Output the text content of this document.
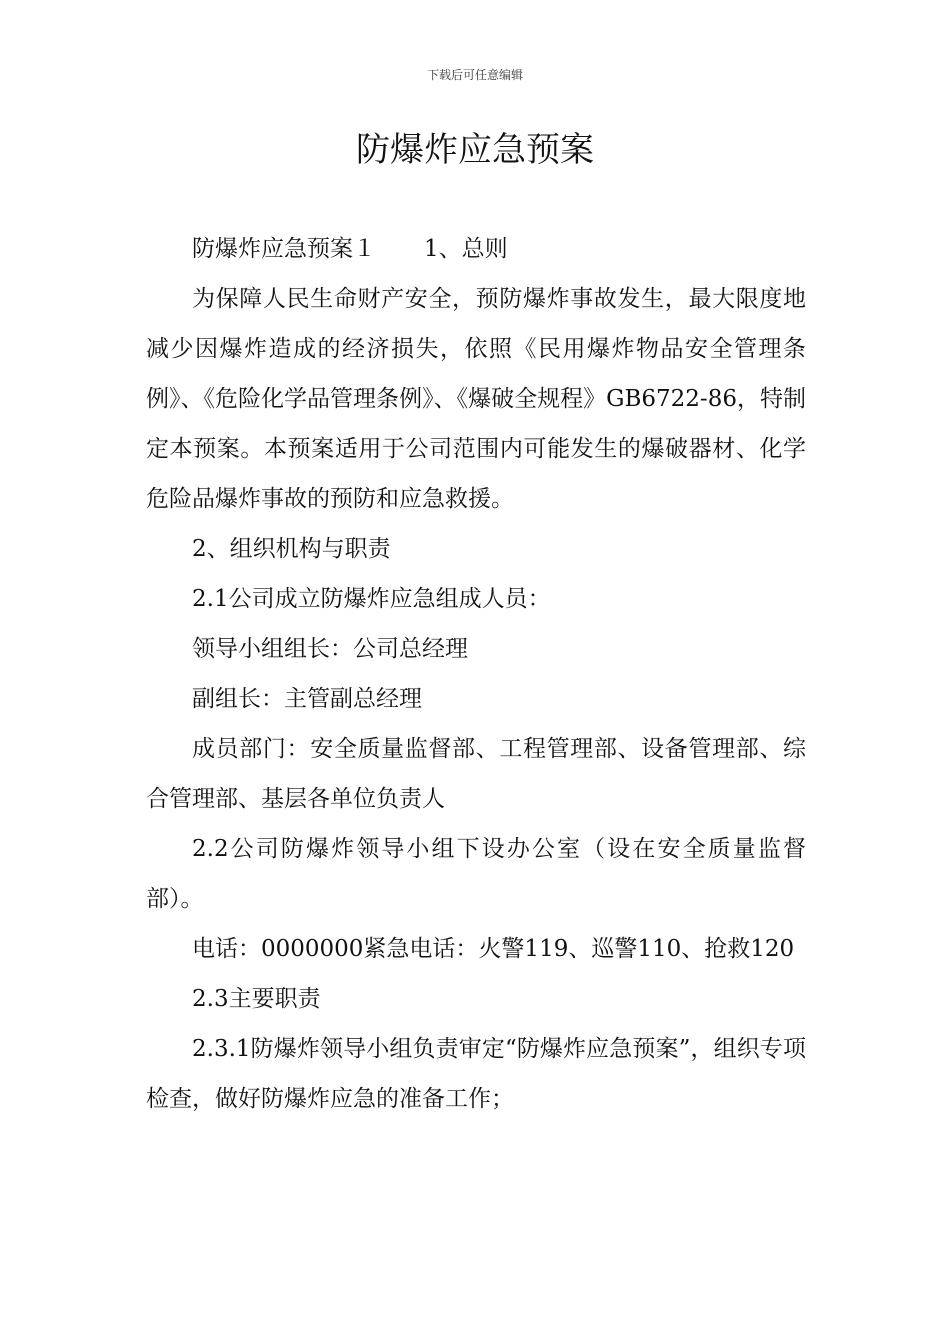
下载后可任意编辑
防爆炸应急预案

防爆炸应急预案１ 1、总则

为保障人民生命财产安全，预防爆炸事故发生，最大限度地减少因爆炸造成的经济损失，依照《民用爆炸物品安全管理条例》、《危险化学品管理条例》、《爆破全规程》GB6722-86，特制定本预案。本预案适用于公司范围内可能发生的爆破器材、化学危险品爆炸事故的预防和应急救援。

2、组织机构与职责

2.1公司成立防爆炸应急组成人员：

领导小组组长：公司总经理

副组长：主管副总经理

成员部门：安全质量监督部、工程管理部、设备管理部、综合管理部、基层各单位负责人

2.2公司防爆炸领导小组下设办公室（设在安全质量监督部）。

电话：0000000紧急电话：火警119、巡警110、抢救120

2.3主要职责

2.3.1防爆炸领导小组负责审定“防爆炸应急预案”，组织专项检查，做好防爆炸应急的准备工作；
